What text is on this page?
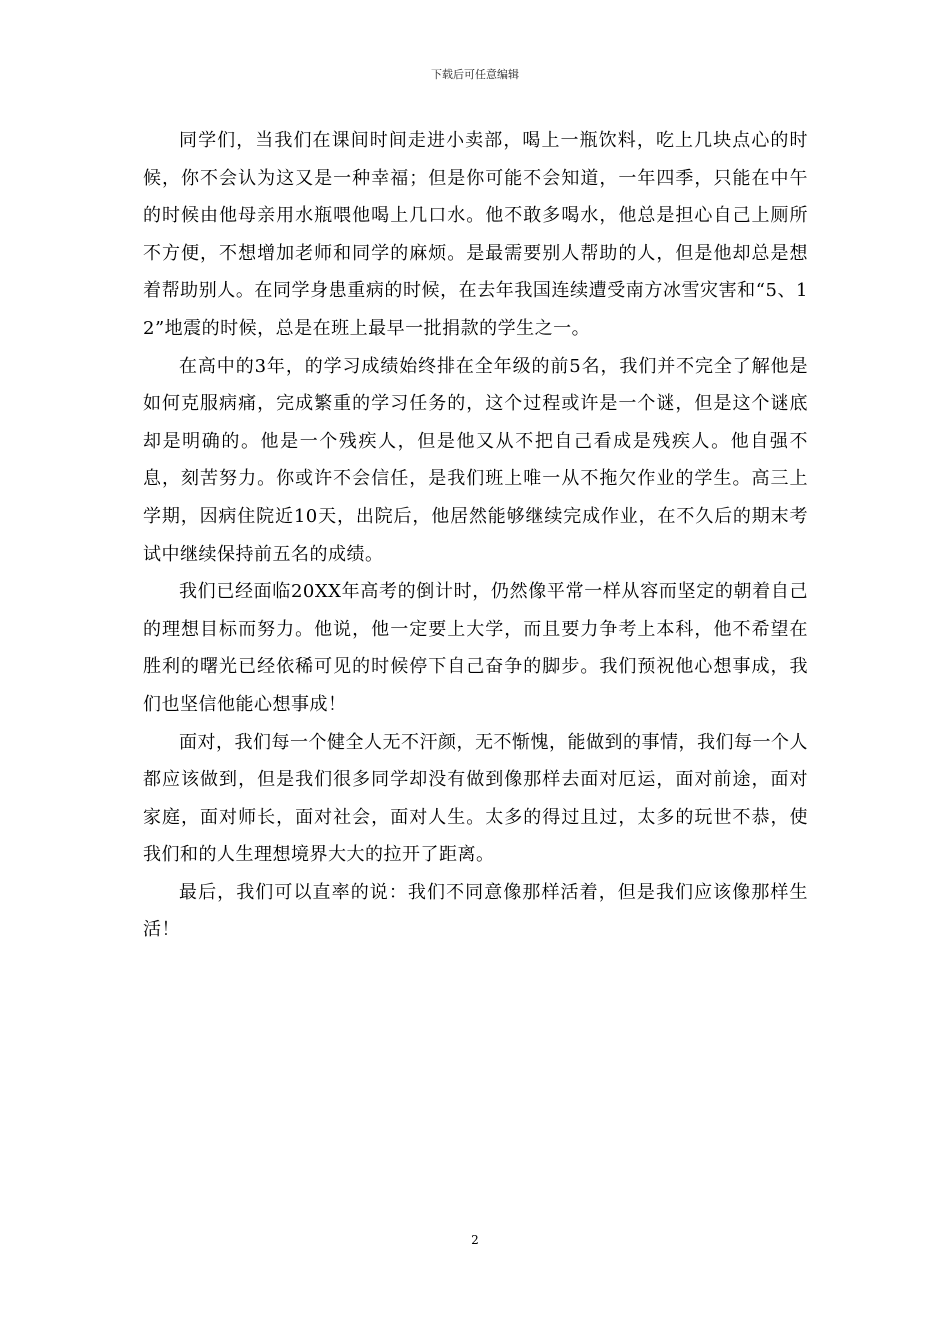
下载后可任意编辑

同学们，当我们在课间时间走进小卖部，喝上一瓶饮料，吃上几块点心的时候，你不会认为这又是一种幸福；但是你可能不会知道，一年四季，只能在中午的时候由他母亲用水瓶喂他喝上几口水。他不敢多喝水，他总是担心自己上厕所不方便，不想增加老师和同学的麻烦。是最需要别人帮助的人，但是他却总是想着帮助别人。在同学身患重病的时候，在去年我国连续遭受南方冰雪灾害和“5、12”地震的时候，总是在班上最早一批捐款的学生之一。

在高中的3年，的学习成绩始终排在全年级的前5名，我们并不完全了解他是如何克服病痛，完成繁重的学习任务的，这个过程或许是一个谜，但是这个谜底却是明确的。他是一个残疾人，但是他又从不把自己看成是残疾人。他自强不息，刻苦努力。你或许不会信任，是我们班上唯一从不拖欠作业的学生。高三上学期，因病住院近10天，出院后，他居然能够继续完成作业，在不久后的期末考试中继续保持前五名的成绩。

我们已经面临20XX年高考的倒计时，仍然像平常一样从容而坚定的朝着自己的理想目标而努力。他说，他一定要上大学，而且要力争考上本科，他不希望在胜利的曙光已经依稀可见的时候停下自己奋争的脚步。我们预祝他心想事成，我们也坚信他能心想事成！

面对，我们每一个健全人无不汗颜，无不惭愧，能做到的事情，我们每一个人都应该做到，但是我们很多同学却没有做到像那样去面对厄运，面对前途，面对家庭，面对师长，面对社会，面对人生。太多的得过且过，太多的玩世不恭，使我们和的人生理想境界大大的拉开了距离。

最后，我们可以直率的说：我们不同意像那样活着，但是我们应该像那样生活！

2
